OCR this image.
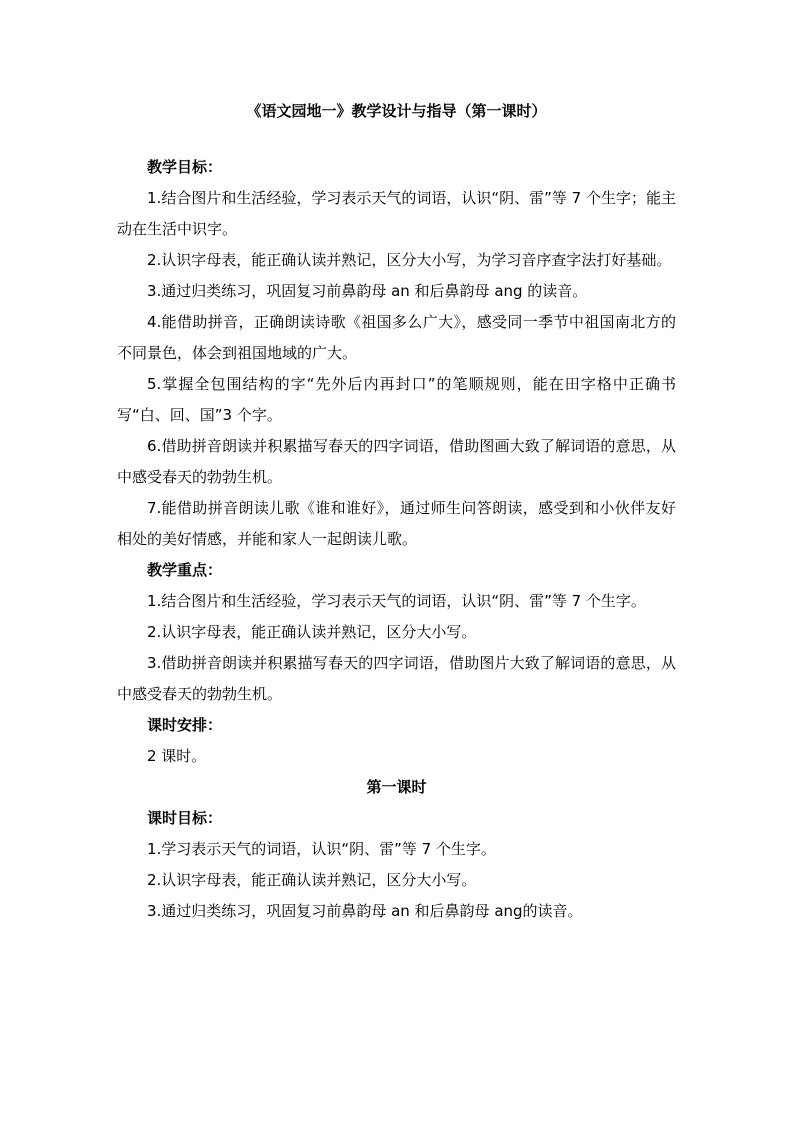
《语文园地一》教学设计与指导（第一课时）

教学目标：

1.结合图片和生活经验，学习表示天气的词语，认识“阴、雷”等 7 个生字；能主动在生活中识字。

2.认识字母表，能正确认读并熟记，区分大小写，为学习音序查字法打好基础。

3.通过归类练习，巩固复习前鼻韵母 an 和后鼻韵母 ang 的读音。

4.能借助拼音，正确朗读诗歌《祖国多么广大》，感受同一季节中祖国南北方的不同景色，体会到祖国地域的广大。

5.掌握全包围结构的字“先外后内再封口”的笔顺规则，能在田字格中正确书写“白、回、国”3 个字。

6.借助拼音朗读并积累描写春天的四字词语，借助图画大致了解词语的意思，从中感受春天的勃勃生机。

7.能借助拼音朗读儿歌《谁和谁好》，通过师生问答朗读，感受到和小伙伴友好相处的美好情感，并能和家人一起朗读儿歌。

教学重点：

1.结合图片和生活经验，学习表示天气的词语，认识“阴、雷”等 7 个生字。

2.认识字母表，能正确认读并熟记，区分大小写。

3.借助拼音朗读并积累描写春天的四字词语，借助图片大致了解词语的意思，从中感受春天的勃勃生机。

课时安排：

2 课时。

第一课时

课时目标：

1.学习表示天气的词语，认识“阴、雷”等 7 个生字。

2.认识字母表，能正确认读并熟记，区分大小写。

3.通过归类练习，巩固复习前鼻韵母 an 和后鼻韵母 ang的读音。
